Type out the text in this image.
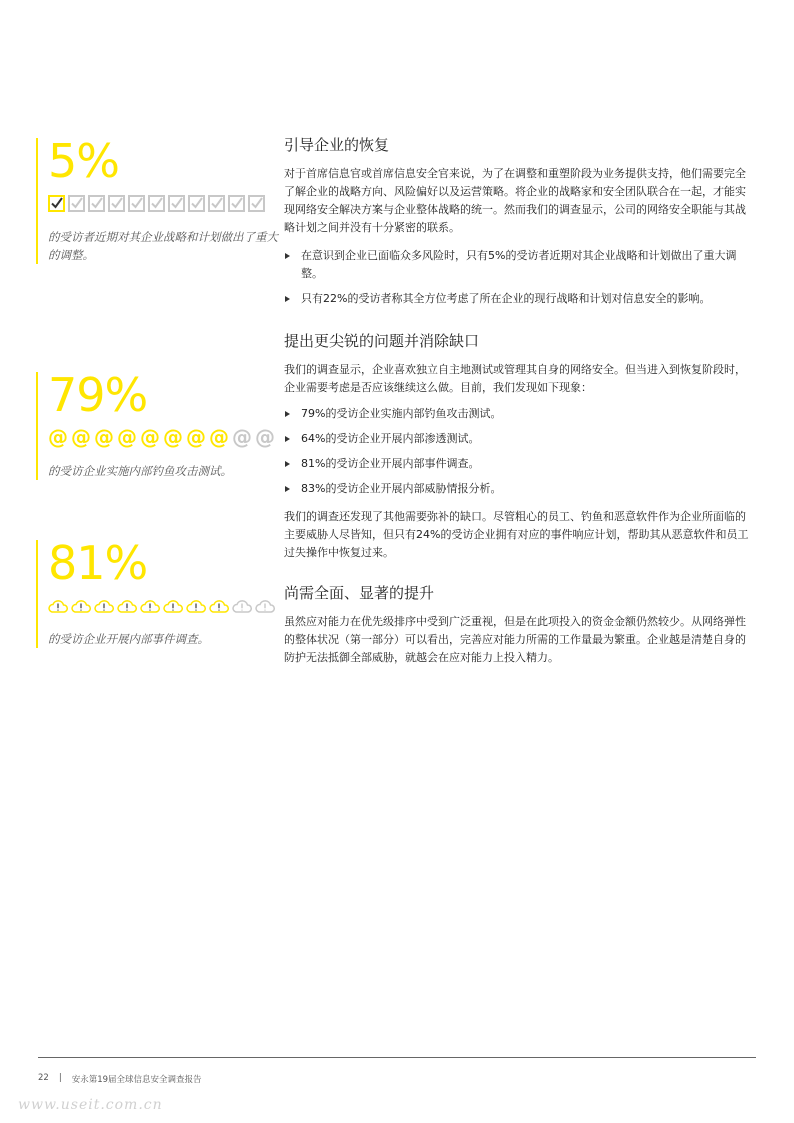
5%
的受访者近期对其企业战略和计划做出了重大的调整。
79%
@ @ @ @ @ @ @ @ @ @
的受访企业实施内部钓鱼攻击测试。
81%
的受访企业开展内部事件调查。
引导企业的恢复

对于首席信息官或首席信息安全官来说，为了在调整和重塑阶段为业务提供支持，他们需要完全了解企业的战略方向、风险偏好以及运营策略。将企业的战略家和安全团队联合在一起，才能实现网络安全解决方案与企业整体战略的统一。然而我们的调查显示，公司的网络安全职能与其战略计划之间并没有十分紧密的联系。

在意识到企业已面临众多风险时，只有5%的受访者近期对其企业战略和计划做出了重大调整。
只有22%的受访者称其全方位考虑了所在企业的现行战略和计划对信息安全的影响。
提出更尖锐的问题并消除缺口

我们的调查显示，企业喜欢独立自主地测试或管理其自身的网络安全。但当进入到恢复阶段时，企业需要考虑是否应该继续这么做。目前，我们发现如下现象：

79%的受访企业实施内部钓鱼攻击测试。
64%的受访企业开展内部渗透测试。
81%的受访企业开展内部事件调查。
83%的受访企业开展内部威胁情报分析。

我们的调查还发现了其他需要弥补的缺口。尽管粗心的员工、钓鱼和恶意软件作为企业所面临的主要威胁人尽皆知，但只有24%的受访企业拥有对应的事件响应计划，帮助其从恶意软件和员工过失操作中恢复过来。

尚需全面、显著的提升

虽然应对能力在优先级排序中受到广泛重视，但是在此项投入的资金金额仍然较少。从网络弹性的整体状况（第一部分）可以看出，完善应对能力所需的工作量最为繁重。企业越是清楚自身的防护无法抵御全部威胁，就越会在应对能力上投入精力。

22 | 安永第19届全球信息安全调查报告
www.useit.com.cn
